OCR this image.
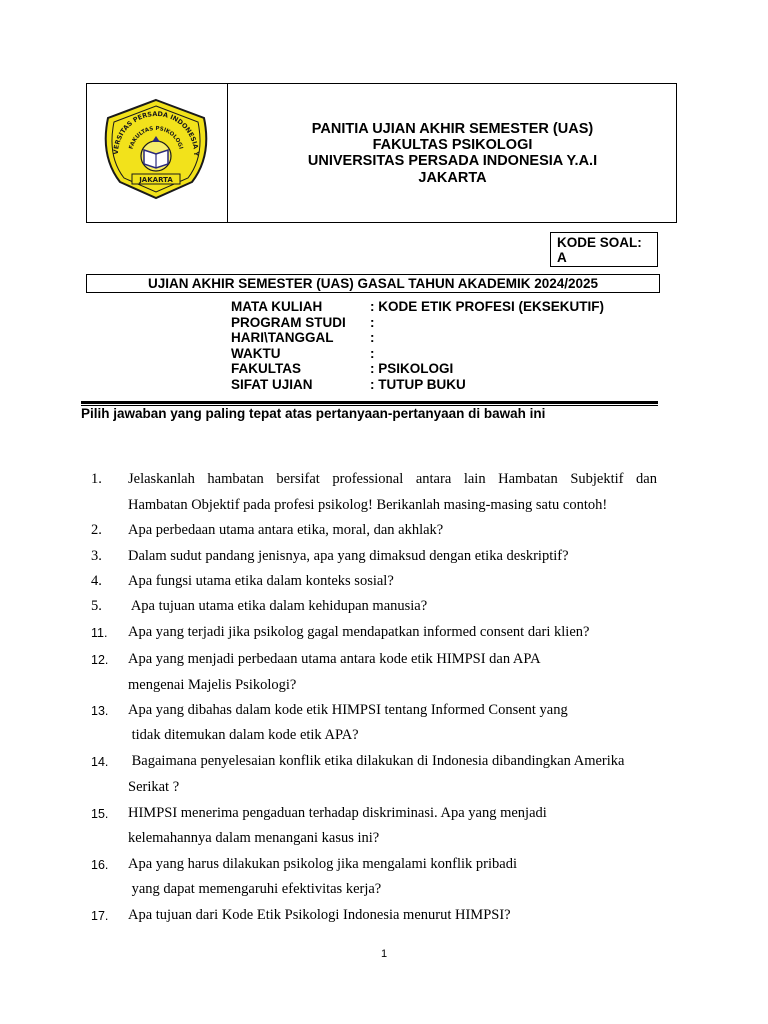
VERSITAS PERSADA INDONESIA Y
FAKULTAS PSIKOLOGI
JAKARTA
PANITIA UJIAN AKHIR SEMESTER (UAS)
FAKULTAS PSIKOLOGI
UNIVERSITAS PERSADA INDONESIA Y.A.I
JAKARTA
KODE SOAL:
A
UJIAN AKHIR SEMESTER (UAS) GASAL TAHUN AKADEMIK 2024/2025
MATA KULIAH	: KODE ETIK PROFESI (EKSEKUTIF)
PROGRAM STUDI :
HARI\TANGGAL	:
WAKTU	:
FAKULTAS	: PSIKOLOGI
SIFAT UJIAN	: TUTUP BUKU
Pilih jawaban yang paling tepat atas pertanyaan-pertanyaan di bawah ini
1. Jelaskanlah hambatan bersifat professional antara lain Hambatan Subjektif dan
Hambatan Objektif pada profesi psikolog! Berikanlah masing-masing satu contoh!
2. Apa perbedaan utama antara etika, moral, dan akhlak?
3. Dalam sudut pandang jenisnya, apa yang dimaksud dengan etika deskriptif?
4. Apa fungsi utama etika dalam konteks sosial?
5. Apa tujuan utama etika dalam kehidupan manusia?
11. Apa yang terjadi jika psikolog gagal mendapatkan informed consent dari klien?
12. Apa yang menjadi perbedaan utama antara kode etik HIMPSI dan APA
mengenai Majelis Psikologi?
13. Apa yang dibahas dalam kode etik HIMPSI tentang Informed Consent yang
tidak ditemukan dalam kode etik APA?
14. Bagaimana penyelesaian konflik etika dilakukan di Indonesia dibandingkan Amerika
Serikat ?
15. HIMPSI menerima pengaduan terhadap diskriminasi. Apa yang menjadi
kelemahannya dalam menangani kasus ini?
16. Apa yang harus dilakukan psikolog jika mengalami konflik pribadi
yang dapat memengaruhi efektivitas kerja?
17. Apa tujuan dari Kode Etik Psikologi Indonesia menurut HIMPSI?
1
